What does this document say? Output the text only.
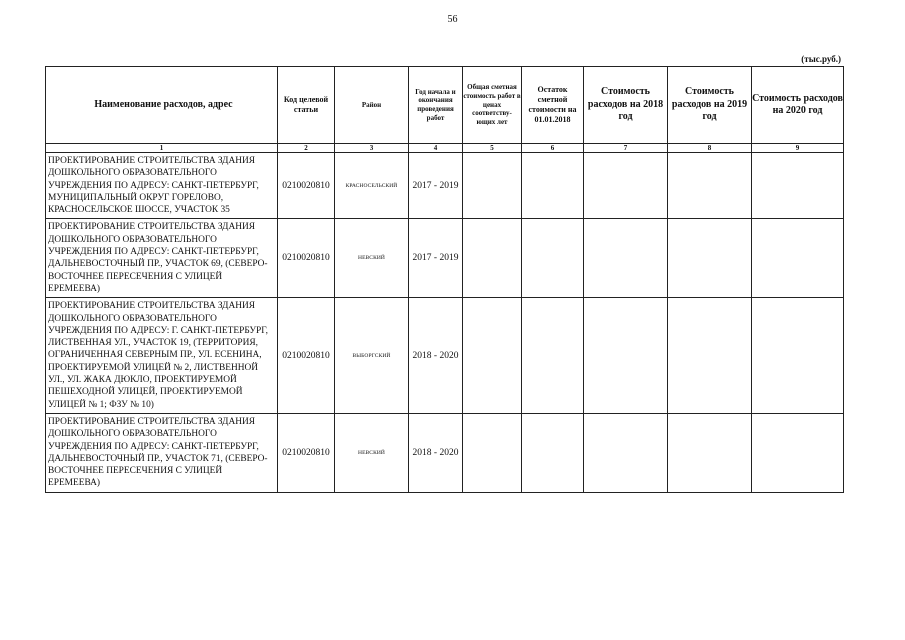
56
(тыс.руб.)
Наименование расходов, адрес	Код целевой статьи	Район	Год начала и окончания проведения работ	Общая сметная стоимость работ в ценах соответству-ющих лет	Остаток сметной стоимости на 01.01.2018	Стоимость расходов на 2018 год	Стоимость расходов на 2019 год	Стоимость расходов на 2020 год
1	2	3	4	5	6	7	8	9
ПРОЕКТИРОВАНИЕ СТРОИТЕЛЬСТВА ЗДАНИЯ ДОШКОЛЬНОГО ОБРАЗОВАТЕЛЬНОГО УЧРЕЖДЕНИЯ ПО АДРЕСУ: САНКТ-ПЕТЕРБУРГ, МУНИЦИПАЛЬНЫЙ ОКРУГ ГОРЕЛОВО, КРАСНОСЕЛЬСКОЕ ШОССЕ, УЧАСТОК 35	0210020810	КРАСНОСЕЛЬСКИЙ	2017 - 2019					
ПРОЕКТИРОВАНИЕ СТРОИТЕЛЬСТВА ЗДАНИЯ ДОШКОЛЬНОГО ОБРАЗОВАТЕЛЬНОГО УЧРЕЖДЕНИЯ ПО АДРЕСУ: САНКТ-ПЕТЕРБУРГ, ДАЛЬНЕВОСТОЧНЫЙ ПР., УЧАСТОК 69, (СЕВЕРО-ВОСТОЧНЕЕ ПЕРЕСЕЧЕНИЯ С УЛИЦЕЙ ЕРЕМЕЕВА)	0210020810	НЕВСКИЙ	2017 - 2019					
ПРОЕКТИРОВАНИЕ СТРОИТЕЛЬСТВА ЗДАНИЯ ДОШКОЛЬНОГО ОБРАЗОВАТЕЛЬНОГО УЧРЕЖДЕНИЯ ПО АДРЕСУ: Г. САНКТ-ПЕТЕРБУРГ, ЛИСТВЕННАЯ УЛ., УЧАСТОК 19, (ТЕРРИТОРИЯ, ОГРАНИЧЕННАЯ СЕВЕРНЫМ ПР., УЛ. ЕСЕНИНА, ПРОЕКТИРУЕМОЙ УЛИЦЕЙ № 2, ЛИСТВЕННОЙ УЛ., УЛ. ЖАКА ДЮКЛО, ПРОЕКТИРУЕМОЙ ПЕШЕХОДНОЙ УЛИЦЕЙ, ПРОЕКТИРУЕМОЙ УЛИЦЕЙ № 1; ФЗУ № 10)	0210020810	ВЫБОРГСКИЙ	2018 - 2020					
ПРОЕКТИРОВАНИЕ СТРОИТЕЛЬСТВА ЗДАНИЯ ДОШКОЛЬНОГО ОБРАЗОВАТЕЛЬНОГО УЧРЕЖДЕНИЯ ПО АДРЕСУ: САНКТ-ПЕТЕРБУРГ, ДАЛЬНЕВОСТОЧНЫЙ ПР., УЧАСТОК 71, (СЕВЕРО-ВОСТОЧНЕЕ ПЕРЕСЕЧЕНИЯ С УЛИЦЕЙ ЕРЕМЕЕВА)	0210020810	НЕВСКИЙ	2018 - 2020					
